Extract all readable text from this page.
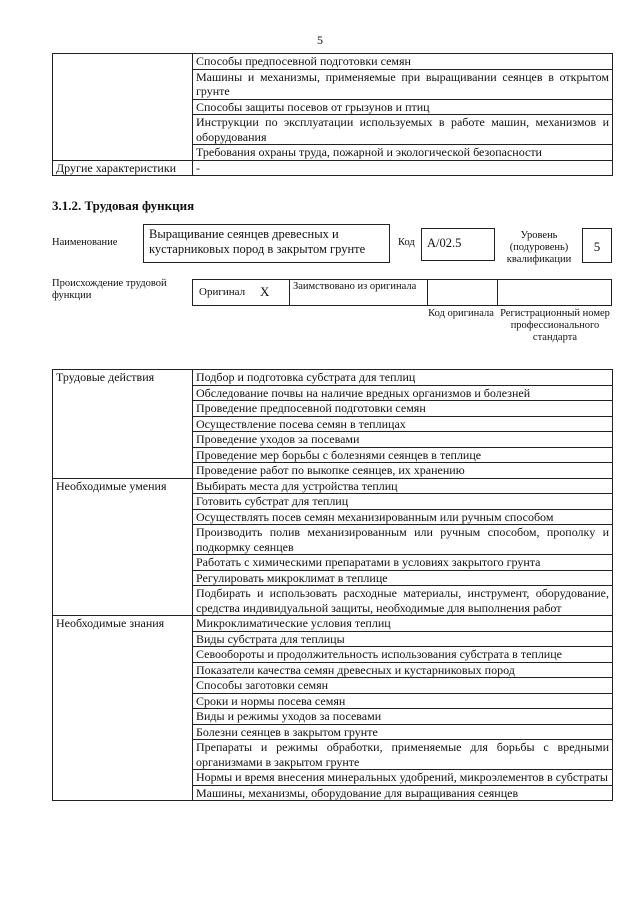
5
	Способы предпосевной подготовки семян
	Машины и механизмы, применяемые при выращивании сеянцев в открытом грунте
	Способы защиты посевов от грызунов и птиц
	Инструкции по эксплуатации используемых в работе машин, механизмов и оборудования
	Требования охраны труда, пожарной и экологической безопасности
Другие характеристики	-
3.1.2. Трудовая функция
Наименование
Выращивание сеянцев древесных и кустарниковых пород в закрытом грунте	Код А/02.5
Уровень (подуровень) квалификации
5
Происхождение трудовой функции	Оригинал X Заимствовано из оригинала
Код оригинала Регистрационный номер профессионального стандарта
Трудовые действия	Подбор и подготовка субстрата для теплиц
	Обследование почвы на наличие вредных организмов и болезней
	Проведение предпосевной подготовки семян
	Осуществление посева семян в теплицах
	Проведение уходов за посевами
	Проведение мер борьбы с болезнями сеянцев в теплице
	Проведение работ по выкопке сеянцев, их хранению
Необходимые умения	Выбирать места для устройства теплиц
	Готовить субстрат для теплиц
	Осуществлять посев семян механизированным или ручным способом
	Производить полив механизированным или ручным способом, прополку и подкормку сеянцев
	Работать с химическими препаратами в условиях закрытого грунта
	Регулировать микроклимат в теплице
	Подбирать и использовать расходные материалы, инструмент, оборудование, средства индивидуальной защиты, необходимые для выполнения работ
Необходимые знания	Микроклиматические условия теплиц
	Виды субстрата для теплицы
	Севообороты и продолжительность использования субстрата в теплице
	Показатели качества семян древесных и кустарниковых пород
	Способы заготовки семян
	Сроки и нормы посева семян
	Виды и режимы уходов за посевами
	Болезни сеянцев в закрытом грунте
	Препараты и режимы обработки, применяемые для борьбы с вредными организмами в закрытом грунте
	Нормы и время внесения минеральных удобрений, микроэлементов в субстраты
	Машины, механизмы, оборудование для выращивания сеянцев
